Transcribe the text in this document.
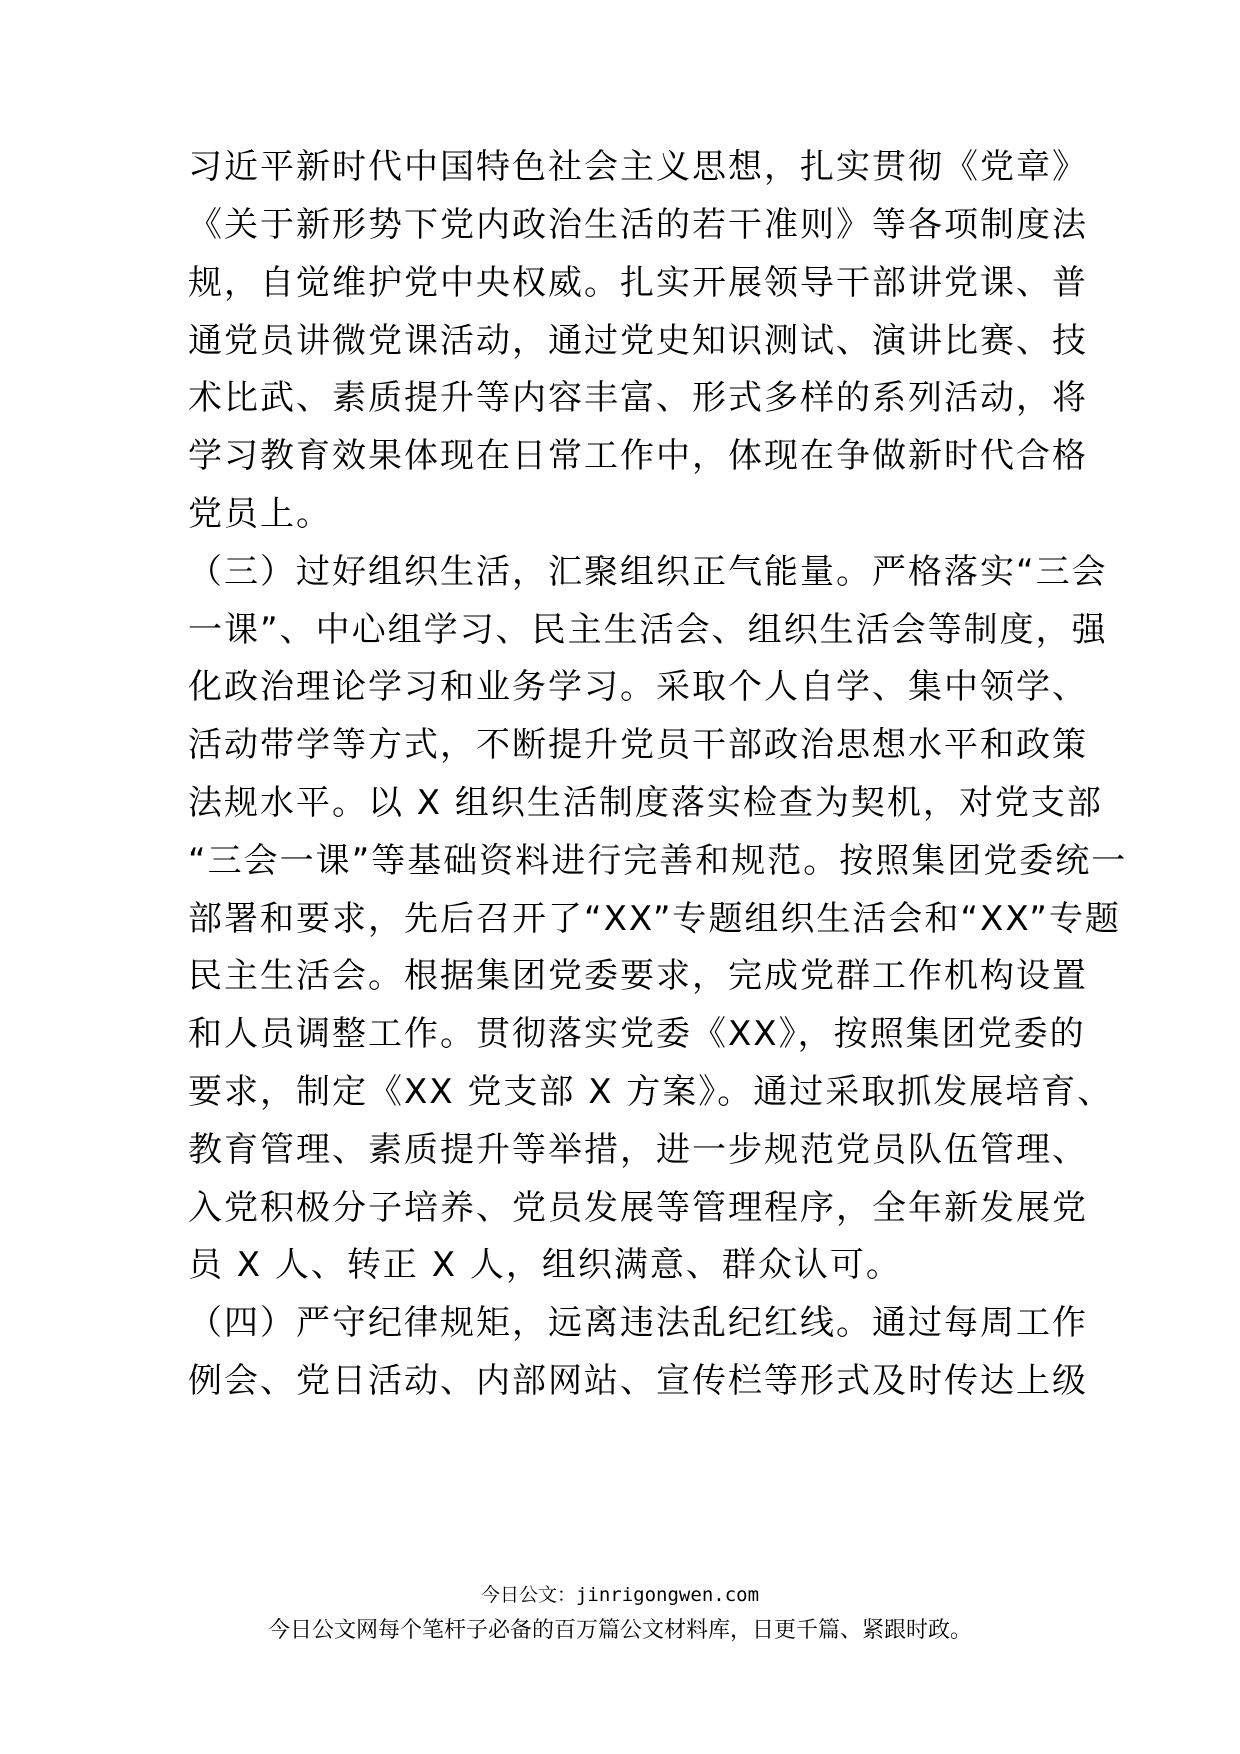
习近平新时代中国特色社会主义思想，扎实贯彻《党章》
《关于新形势下党内政治生活的若干准则》等各项制度法
规，自觉维护党中央权威。扎实开展领导干部讲党课、普
通党员讲微党课活动，通过党史知识测试、演讲比赛、技
术比武、素质提升等内容丰富、形式多样的系列活动，将
学习教育效果体现在日常工作中，体现在争做新时代合格
党员上。
（三）过好组织生活，汇聚组织正气能量。严格落实“三会
一课”、中心组学习、民主生活会、组织生活会等制度，强
化政治理论学习和业务学习。采取个人自学、集中领学、
活动带学等方式，不断提升党员干部政治思想水平和政策
法规水平。以 X 组织生活制度落实检查为契机，对党支部
“三会一课”等基础资料进行完善和规范。按照集团党委统一
部署和要求，先后召开了“XX”专题组织生活会和“XX”专题
民主生活会。根据集团党委要求，完成党群工作机构设置
和人员调整工作。贯彻落实党委《XX》，按照集团党委的
要求，制定《XX 党支部 X 方案》。通过采取抓发展培育、
教育管理、素质提升等举措，进一步规范党员队伍管理、
入党积极分子培养、党员发展等管理程序，全年新发展党
员 X 人、转正 X 人，组织满意、群众认可。
（四）严守纪律规矩，远离违法乱纪红线。通过每周工作
例会、党日活动、内部网站、宣传栏等形式及时传达上级
今日公文：jinrigongwen.com
今日公文网每个笔杆子必备的百万篇公文材料库，日更千篇、紧跟时政。
